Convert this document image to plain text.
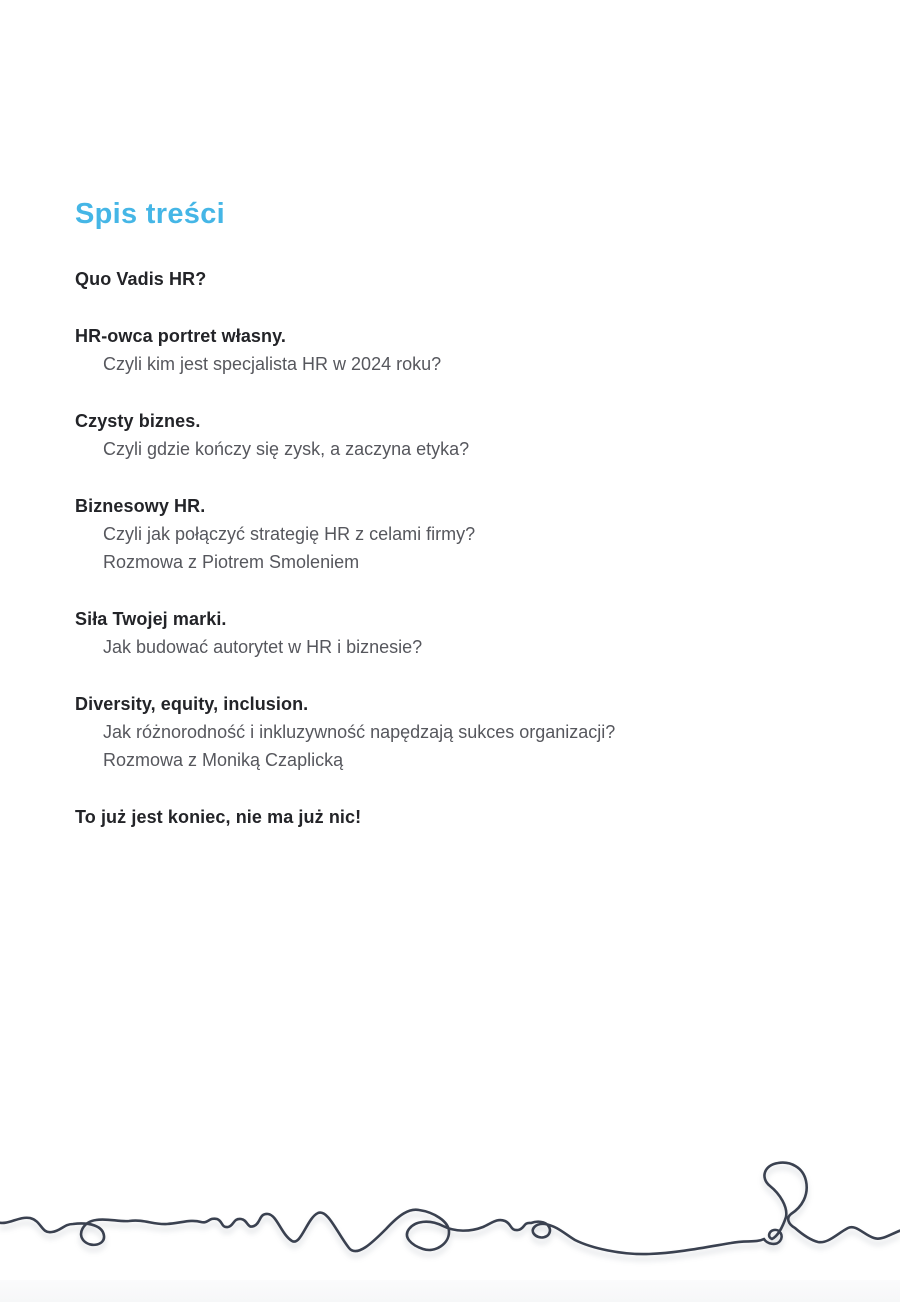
Spis treści
Quo Vadis HR?
HR-owca portret własny.
Czyli kim jest specjalista HR w 2024 roku?
Czysty biznes.
Czyli gdzie kończy się zysk, a zaczyna etyka?
Biznesowy HR.
Czyli jak połączyć strategię HR z celami firmy?
Rozmowa z Piotrem Smoleniem
Siła Twojej marki.
Jak budować autorytet w HR i biznesie?
Diversity, equity, inclusion.
Jak różnorodność i inkluzywność napędzają sukces organizacji?
Rozmowa z Moniką Czaplicką
To już jest koniec, nie ma już nic!
